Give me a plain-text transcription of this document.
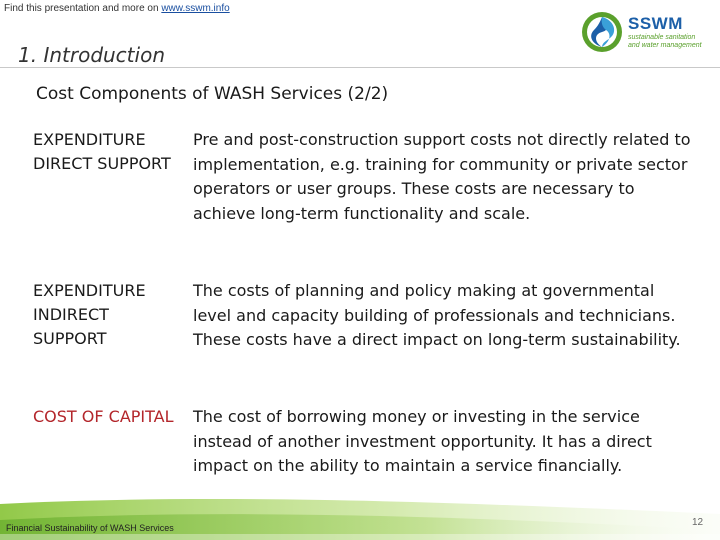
Find this presentation and more on www.sswm.info
SSWM
sustainable sanitation
and water management
1. Introduction
Cost Components of WASH Services (2/2)
EXPENDITURE DIRECT SUPPORT
Pre and post-construction support costs not directly related to implementation, e.g. training for community or private sector operators or user groups. These costs are necessary to achieve long-term functionality and scale.
EXPENDITURE INDIRECT SUPPORT
The costs of planning and policy making at governmental level and capacity building of professionals and technicians. These costs have a direct impact on long-term sustainability.
COST OF CAPITAL	The cost of borrowing money or investing in the service instead of another investment opportunity. It has a direct impact on the ability to maintain a service financially.
Financial Sustainability of WASH Services	12
